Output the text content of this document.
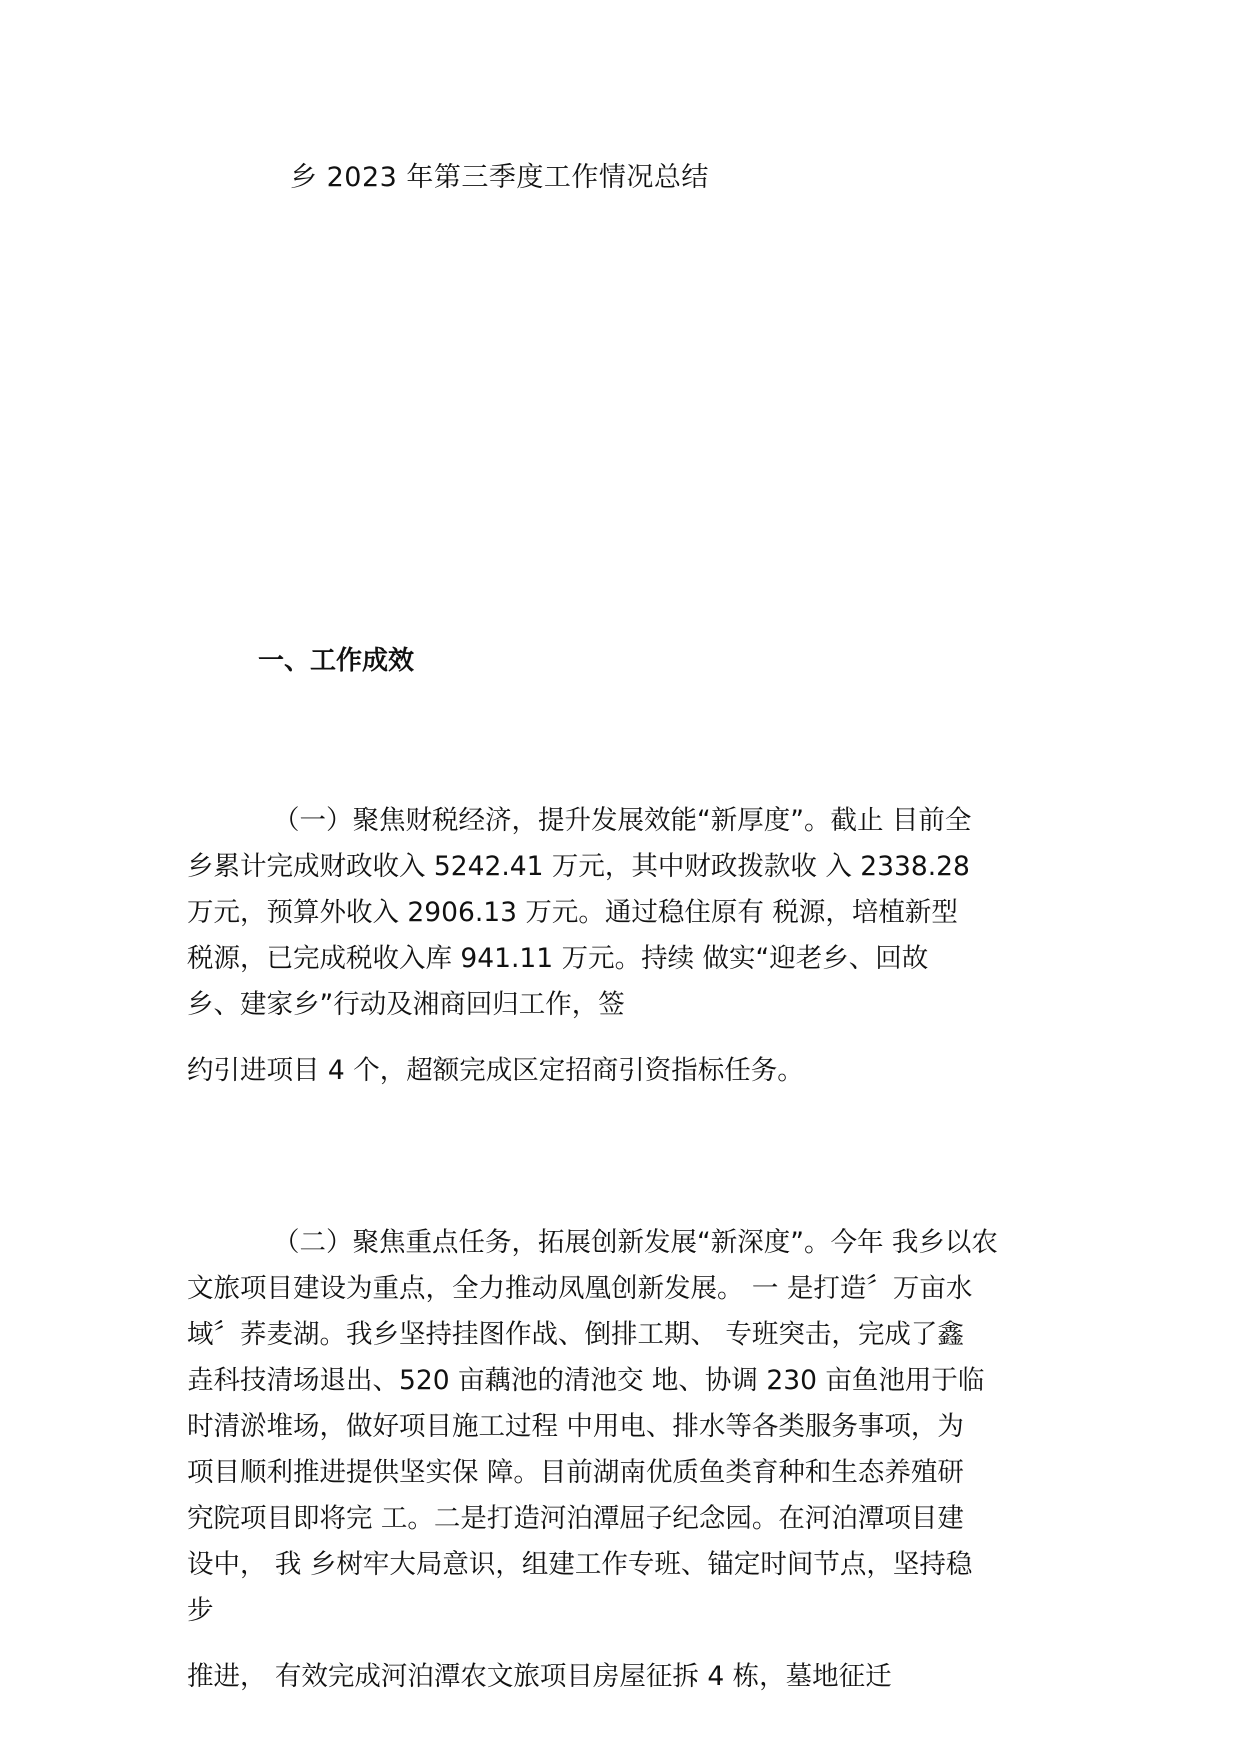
乡 2023 年第三季度工作情况总结
一、工作成效
（一）聚焦财税经济，提升发展效能“新厚度”。截止 目前全
乡累计完成财政收入 5242.41 万元，其中财政拨款收 入 2338.28
万元，预算外收入 2906.13 万元。通过稳住原有 税源，培植新型
税源，已完成税收入库 941.11 万元。持续 做实“迎老乡、回故
乡、建家乡”行动及湘商回归工作，签
约引进项目 4 个，超额完成区定招商引资指标任务。
（二）聚焦重点任务，拓展创新发展“新深度”。今年 我乡以农
文旅项目建设为重点，全力推动凤凰创新发展。 一 是打造〞万亩水
域〞荞麦湖。我乡坚持挂图作战、倒排工期、 专班突击，完成了鑫
垚科技清场退出、520 亩藕池的清池交 地、协调 230 亩鱼池用于临
时清淤堆场，做好项目施工过程 中用电、排水等各类服务事项，为
项目顺利推进提供坚实保 障。目前湖南优质鱼类育种和生态养殖研
究院项目即将完 工。二是打造河泊潭屈子纪念园。在河泊潭项目建
设中， 我 乡树牢大局意识，组建工作专班、锚定时间节点，坚持稳
步
推进， 有效完成河泊潭农文旅项目房屋征拆 4 栋，墓地征迁
